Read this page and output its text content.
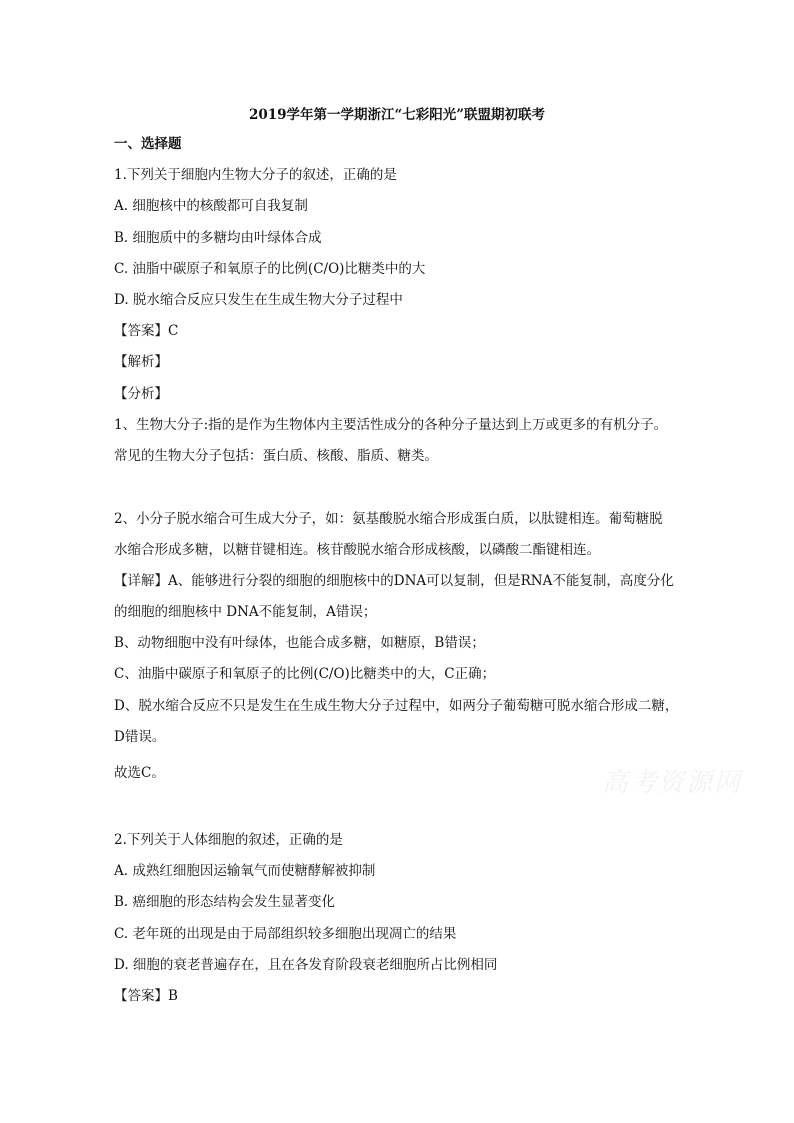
2019学年第一学期浙江“七彩阳光”联盟期初联考
一、选择题
1.下列关于细胞内生物大分子的叙述，正确的是
A. 细胞核中的核酸都可自我复制
B. 细胞质中的多糖均由叶绿体合成
C. 油脂中碳原子和氧原子的比例(C/O)比糖类中的大
D. 脱水缩合反应只发生在生成生物大分子过程中
【答案】C
【解析】
【分析】
1、生物大分子:指的是作为生物体内主要活性成分的各种分子量达到上万或更多的有机分子。
常见的生物大分子包括：蛋白质、核酸、脂质、糖类。
2、小分子脱水缩合可生成大分子，如：氨基酸脱水缩合形成蛋白质，以肽键相连。葡萄糖脱
水缩合形成多糖，以糖苷键相连。核苷酸脱水缩合形成核酸，以磷酸二酯键相连。
【详解】A、能够进行分裂的细胞的细胞核中的DNA可以复制，但是RNA不能复制，高度分化
的细胞的细胞核中 DNA不能复制，A错误；
B、动物细胞中没有叶绿体，也能合成多糖，如糖原，B错误；
C、油脂中碳原子和氧原子的比例(C/O)比糖类中的大，C正确；
D、脱水缩合反应不只是发生在生成生物大分子过程中，如两分子葡萄糖可脱水缩合形成二糖，
D错误。
故选C。	高考资源网
2.下列关于人体细胞的叙述，正确的是
A. 成熟红细胞因运输氧气而使糖酵解被抑制
B. 癌细胞的形态结构会发生显著变化
C. 老年斑的出现是由于局部组织较多细胞出现凋亡的结果
D. 细胞的衰老普遍存在，且在各发育阶段衰老细胞所占比例相同
【答案】B
